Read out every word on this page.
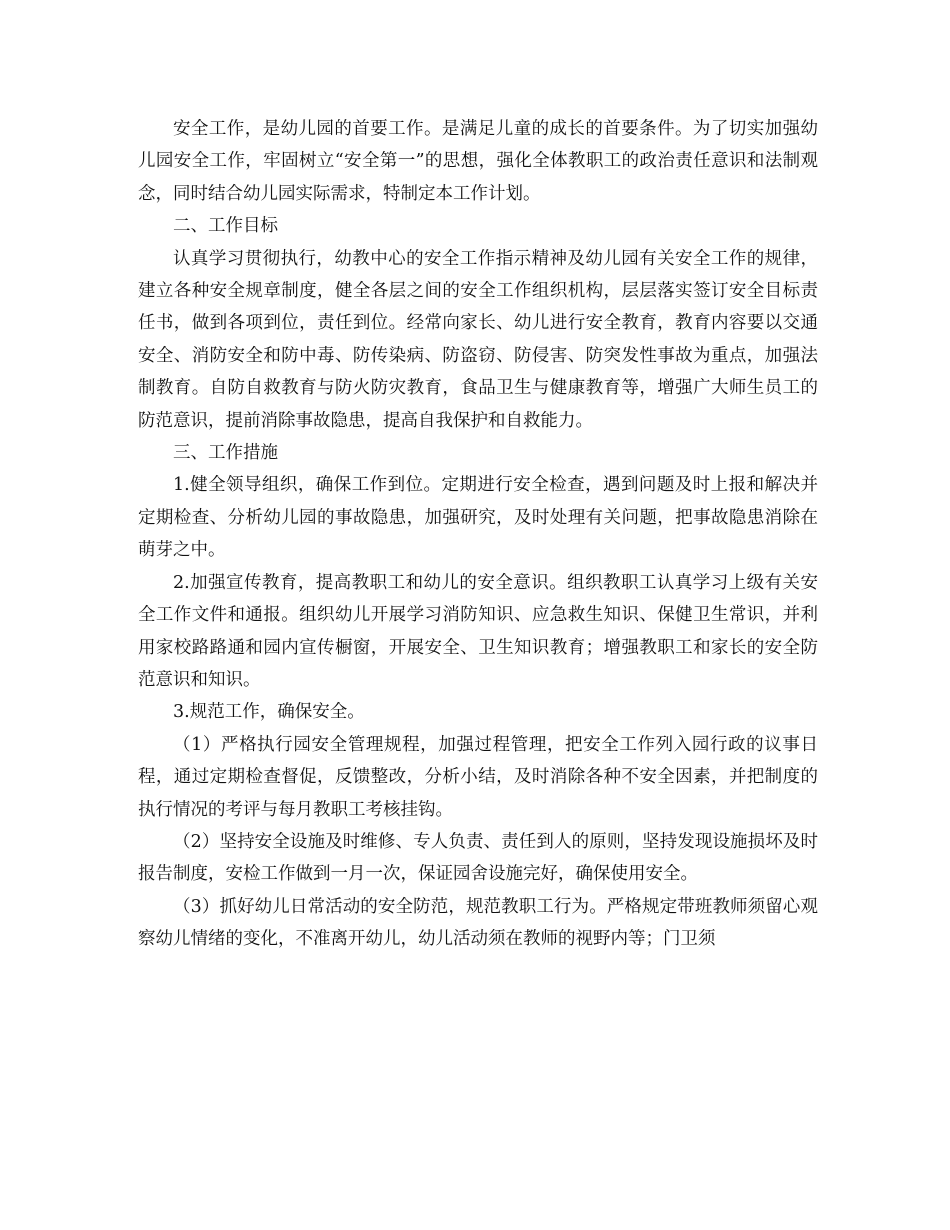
安全工作，是幼儿园的首要工作。是满足儿童的成长的首要条件。为了切实加强幼儿园安全工作，牢固树立“安全第一”的思想，强化全体教职工的政治责任意识和法制观念，同时结合幼儿园实际需求，特制定本工作计划。

二、工作目标

认真学习贯彻执行，幼教中心的安全工作指示精神及幼儿园有关安全工作的规律，建立各种安全规章制度，健全各层之间的安全工作组织机构，层层落实签订安全目标责任书，做到各项到位，责任到位。经常向家长、幼儿进行安全教育，教育内容要以交通安全、消防安全和防中毒、防传染病、防盗窃、防侵害、防突发性事故为重点，加强法制教育。自防自救教育与防火防灾教育，食品卫生与健康教育等，增强广大师生员工的防范意识，提前消除事故隐患，提高自我保护和自救能力。

三、工作措施

1.健全领导组织，确保工作到位。定期进行安全检查，遇到问题及时上报和解决并定期检查、分析幼儿园的事故隐患，加强研究，及时处理有关问题，把事故隐患消除在萌芽之中。

2.加强宣传教育，提高教职工和幼儿的安全意识。组织教职工认真学习上级有关安全工作文件和通报。组织幼儿开展学习消防知识、应急救生知识、保健卫生常识，并利用家校路路通和园内宣传橱窗，开展安全、卫生知识教育；增强教职工和家长的安全防范意识和知识。

3.规范工作，确保安全。

（1）严格执行园安全管理规程，加强过程管理，把安全工作列入园行政的议事日程，通过定期检查督促，反馈整改，分析小结，及时消除各种不安全因素，并把制度的执行情况的考评与每月教职工考核挂钩。

（2）坚持安全设施及时维修、专人负责、责任到人的原则，坚持发现设施损坏及时报告制度，安检工作做到一月一次，保证园舍设施完好，确保使用安全。

（3）抓好幼儿日常活动的安全防范，规范教职工行为。严格规定带班教师须留心观察幼儿情绪的变化，不准离开幼儿，幼儿活动须在教师的视野内等；门卫须
